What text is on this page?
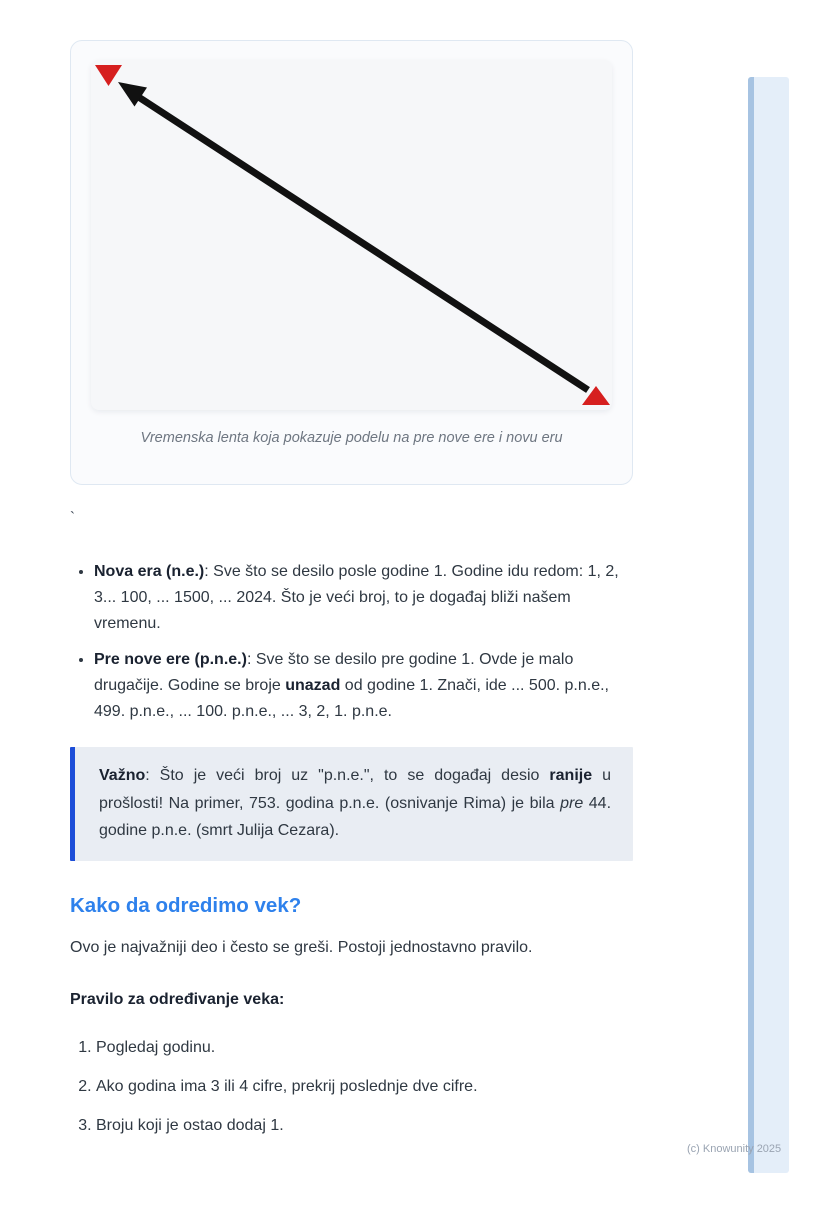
(c) Knowunity 2025
Vremenska lenta koja pokazuje podelu na pre nove ere i novu eru
`
• Nova era (n.e.): Sve što se desilo posle godine 1. Godine idu redom: 1, 2, 3... 100, ... 1500, ... 2024. Što je veći broj, to je događaj bliži našem vremenu.
• Pre nove ere (p.n.e.): Sve što se desilo pre godine 1. Ovde je malo drugačije. Godine se broje unazad od godine 1. Znači, ide ... 500. p.n.e., 499. p.n.e., ... 100. p.n.e., ... 3, 2, 1. p.n.e.
Važno: Što je veći broj uz "p.n.e.", to se događaj desio ranije u prošlosti! Na primer, 753. godina p.n.e. (osnivanje Rima) je bila pre 44. godine p.n.e. (smrt Julija Cezara).
Kako da odredimo vek?

Ovo je najvažniji deo i često se greši. Postoji jednostavno pravilo.

Pravilo za određivanje veka:

1. Pogledaj godinu.
2. Ako godina ima 3 ili 4 cifre, prekrij poslednje dve cifre.
3. Broju koji je ostao dodaj 1.
